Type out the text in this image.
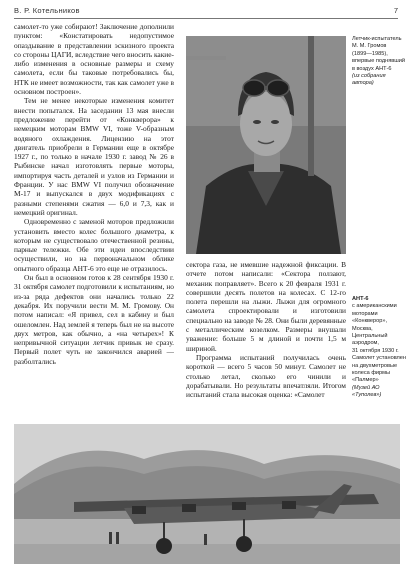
В. Р. Котельников	7

самолет-то уже собирают! Заключение дополнили пунктом: «Констатировать недопустимое опаздывание в представлении эскизного проекта со стороны ЦАГИ, вследствие чего вносить какие-либо изменения в основные размеры и схему самолета, если бы таковые потребовались бы, НТК не имеет возможности, так как самолет уже в основном построен».

Тем не менее некоторые изменения комитет внести попытался. На заседании 13 мая внесли предложение перейти от «Конкверора» к немецким моторам BMW VI, тоже V-образным водяного охлаждения. Лицензию на этот двигатель приобрели в Германии еще в октябре 1927 г., по только в начале 1930 г. завод № 26 в Рыбинске начал изготовлять первые моторы, импортируя часть деталей и узлов из Германии и Франции. У нас BMW VI получил обозначение М-17 и выпускался в двух модификациях с разными степенями сжатия — 6,0 и 7,3, как и немецкий оригинал.

Одновременно с заменой моторов предложили установить вместо колес большого диаметра, к которым не существовало отечественной резины, парные тележки. Обе эти идеи впоследствии осуществили, но на первоначальном облике опытного образца АНТ-6 это еще не отразилось.

Он был в основном готов к 28 сентября 1930 г. 31 октября самолет подготовили к испытаниям, но из-за ряда дефектов они начались только 22 декабря. Их поручили вести М. М. Громову. Он потом написал: «Я привел, сел в кабину и был ошеломлен. Над землей я теперь был не на высоте двух метров, как обычно, а «на четырех»! К непривычной ситуации летчик привык не сразу. Первый полет чуть не закончился аварией — разболтались

Летчик-испытатель
М. М. Громов
(1899—1985),
впервые поднявший
в воздух АНТ-6
(из собрания автора)

сектора газа, не имевшие надежной фиксации. В отчете потом написали: «Сектора ползают, механик поправляет». Всего к 20 февраля 1931 г. совершили десять полетов на колесах. С 12-го полета перешли на лыжи. Лыжи для огромного самолета спроектировали и изготовили специально на заводе № 28. Они были деревянные с металлическим козелком. Размеры внушали уважение: больше 5 м длиной и почти 1,5 м шириной.

Программа испытаний получилась очень короткой — всего 5 часов 50 минут. Самолет не столько летал, сколько его чинили и дорабатывали. Но результаты впечатляли. Итогом испытаний стала высокая оценка: «Самолет

АНТ-6
с американскими моторами «Конкверор»,
Москва,
Центральный аэродром,
31 октября 1930 г.
Самолет установлен на двухметровые колеса фирмы «Палмер»
(Музей АО «Туполев»)
